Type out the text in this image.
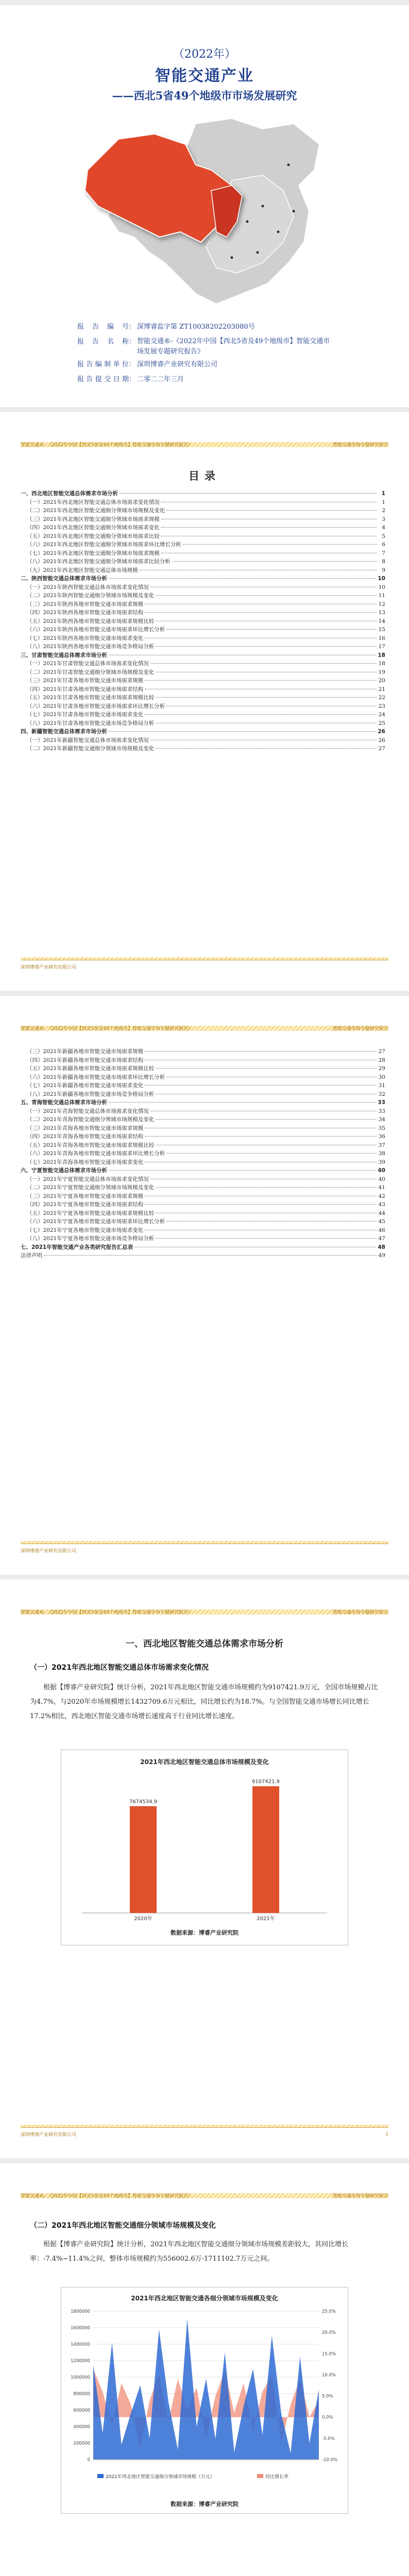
（2022年）
智能交通产业
——西北5省49个地级市市场发展研究
报告编号 ： 深博睿监字第 ZT10038202203080号
报告名称 ： 智能交通®-《2022年中国【西北5省及49个地级市】智能交通市场发展专题研究报告》
报告编制单位 ： 深圳博睿产业研究有限公司
报告提交日期 ： 二零二二年三月
智能交通®- 《2022年中国【西北5省及49个地级市】智能交通市场专题研究报告》	智能交通市场专题研究报告
目录
一、西北地区智能交通总体需求市场分析	1
（一）2021年西北地区智能交通总体市场需求变化情况	1
（二）2021年西北地区智能交通细分领域市场规模及变化	2
（三）2021年西北地区智能交通细分领域市场需求规模	3
（四）2021年西北地区智能交通细分领域市场需求变化	4
（五）2021年西北地区智能交通细分领域市场需求比较	5
（六）2021年西北地区智能交通细分领域市场需求环比增长分析	6
（七）2021年西北地区智能交通细分领域市场需求规模	7
（八）2021年西北地区智能交通细分领域市场需求比较分析	8
（九）2021年西北地区智能交通总体市场规模	9
二、陕西智能交通总体需求市场分析	10
（一）2021年陕西智能交通总体市场需求变化情况	10
（二）2021年陕西智能交通细分领域市场规模及变化	11
（三）2021年陕西各地市智能交通市场需求规模	12
（四）2021年陕西各地市智能交通市场需求结构	13
（五）2021年陕西各地市智能交通市场需求规模比较	14
（六）2021年陕西各地市智能交通市场需求环比增长分析	15
（七）2021年陕西各地市智能交通市场需求变化	16
（八）2021年陕西各地市智能交通市场竞争格局分析	17
三、甘肃智能交通总体需求市场分析	18
（一）2021年甘肃智能交通总体市场需求变化情况	18
（二）2021年甘肃智能交通细分领域市场规模及变化	19
（三）2021年甘肃各地市智能交通市场需求规模	20
（四）2021年甘肃各地市智能交通市场需求结构	21
（五）2021年甘肃各地市智能交通市场需求规模比较	22
（六）2021年甘肃各地市智能交通市场需求环比增长分析	23
（七）2021年甘肃各地市智能交通市场需求变化	24
（八）2021年甘肃各地市智能交通市场竞争格局分析	25
四、新疆智能交通总体需求市场分析	26
（一）2021年新疆智能交通总体市场需求变化情况	26
（二）2021年新疆智能交通细分领域市场规模及变化	27
深圳博睿产业研究有限公司
智能交通®- 《2022年中国【西北5省及49个地级市】智能交通市场专题研究报告》	智能交通市场专题研究报告
（三）2021年新疆各地市智能交通市场需求规模	27
（四）2021年新疆各地市智能交通市场需求结构	28
（五）2021年新疆各地市智能交通市场需求规模比较	29
（六）2021年新疆各地市智能交通市场需求环比增长分析	30
（七）2021年新疆各地市智能交通市场需求变化	31
（八）2021年新疆各地市智能交通市场竞争格局分析	32
五、青海智能交通总体需求市场分析	33
（一）2021年青海智能交通总体市场需求变化情况	33
（二）2021年青海智能交通细分领域市场规模及变化	34
（三）2021年青海各地市智能交通市场需求规模	35
（四）2021年青海各地市智能交通市场需求结构	36
（五）2021年青海各地市智能交通市场需求规模比较	37
（六）2021年青海各地市智能交通市场需求环比增长分析	38
（七）2021年青海各地市智能交通市场需求变化	39
六、宁夏智能交通总体需求市场分析	40
（一）2021年宁夏智能交通总体市场需求变化情况	40
（二）2021年宁夏智能交通细分领域市场规模及变化	41
（三）2021年宁夏各地市智能交通市场需求规模	42
（四）2021年宁夏各地市智能交通市场需求结构	43
（五）2021年宁夏各地市智能交通市场需求规模比较	44
（六）2021年宁夏各地市智能交通市场需求环比增长分析	45
（七）2021年宁夏各地市智能交通市场需求变化	46
（八）2021年宁夏各地市智能交通市场竞争格局分析	47
七、2021年智能交通产业各类研究报告汇总表	48
法律声明	49
深圳博睿产业研究有限公司
智能交通®- 《2022年中国【西北5省及49个地级市】智能交通市场专题研究报告》	智能交通市场专题研究报告
一、西北地区智能交通总体需求市场分析
（一）2021年西北地区智能交通总体市场需求变化情况
根据【博睿产业研究院】统计分析，2021年西北地区智能交通市场规模约为9107421.9万元，全国市场规模占比为4.7%，与2020年市场规模增长1432709.6万元相比，同比增长约为18.7%。与全国智能交通市场增长同比增长17.2%相比，西北地区智能交通市场增长速度高于行业同比增长速度。
2021年西北地区智能交通总体市场规模及变化
7674534.9
2020年
9107421.9
2021年
数据来源：博睿产业研究院
深圳博睿产业研究有限公司	1
智能交通®- 《2022年中国【西北5省及49个地级市】智能交通市场专题研究报告》	智能交通市场专题研究报告
（二）2021年西北地区智能交通细分领域市场规模及变化
根据【博睿产业研究院】统计分析，2021年西北地区智能交通细分领域市场规模差距较大，其同比增长率：-7.4%~11.4%之间，整体市场规模约为556002.6万-1711102.7万元之间。
2021年西北地区智能交通各细分领域市场规模及变化
1800000
1600000
1400000
1200000
1000000
800000
600000
400000
200000
0
25.0%
20.0%
15.0%
10.0%
5.0%
0.0%
-5.0%
-10.0%
2021年西北地区智能交通细分领域市场规模（万元）	同比增长率
数据来源：博睿产业研究院
